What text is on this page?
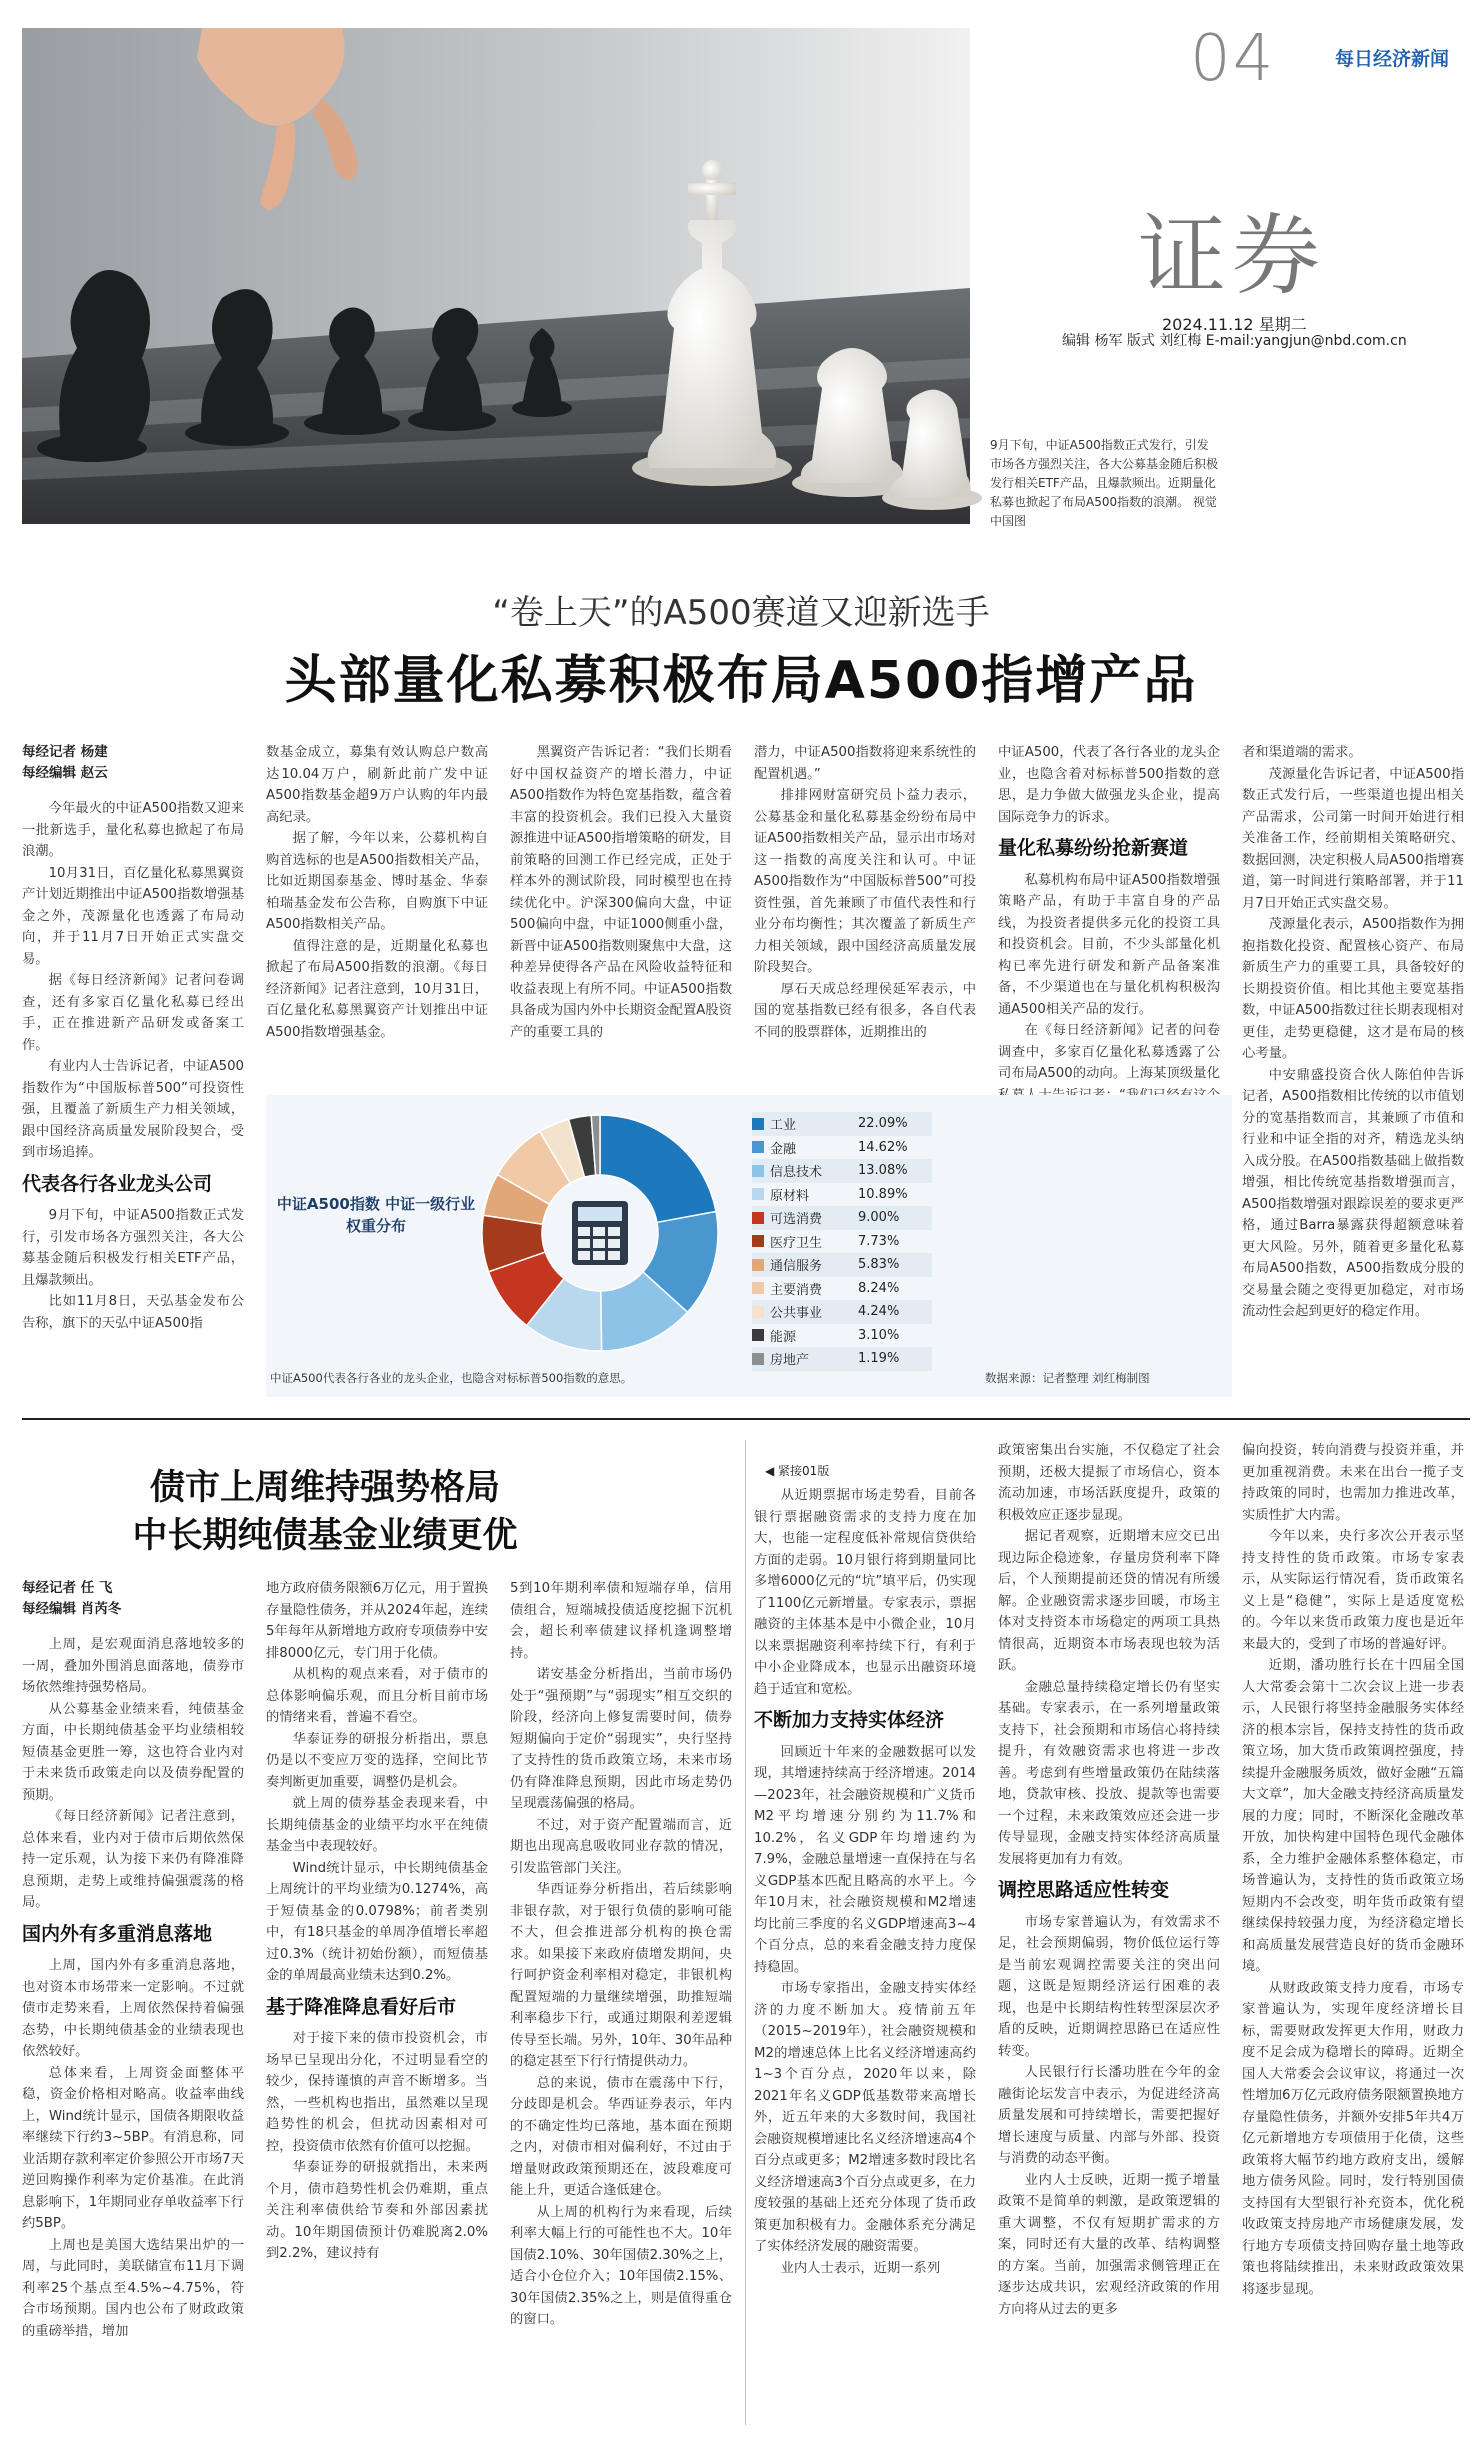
04	每日经济新闻
证券
2024.11.12 星期二
编辑 杨军 版式 刘红梅 E-mail:yangjun@nbd.com.cn
9月下旬，中证A500指数正式发行，引发市场各方强烈关注，各大公募基金随后积极发行相关ETF产品，且爆款频出。近期量化私募也掀起了布局A500指数的浪潮。 视觉中国图
“卷上天”的A500赛道又迎新选手
头部量化私募积极布局A500指增产品
每经记者 杨建
每经编辑 赵云

今年最火的中证A500指数又迎来一批新选手，量化私募也掀起了布局浪潮。

10月31日，百亿量化私募黑翼资产计划近期推出中证A500指数增强基金之外，茂源量化也透露了布局动向，并于11月7日开始正式实盘交易。

据《每日经济新闻》记者问卷调查，还有多家百亿量化私募已经出手，正在推进新产品研发或备案工作。

有业内人士告诉记者，中证A500指数作为“中国版标普500”可投资性强，且覆盖了新质生产力相关领域，跟中国经济高质量发展阶段契合，受到市场追捧。

代表各行各业龙头公司

9月下旬，中证A500指数正式发行，引发市场各方强烈关注，各大公募基金随后积极发行相关ETF产品，且爆款频出。

比如11月8日，天弘基金发布公告称，旗下的天弘中证A500指

数基金成立，募集有效认购总户数高达10.04万户，刷新此前广发中证A500指数基金超9万户认购的年内最高纪录。

据了解，今年以来，公募机构自购首选标的也是A500指数相关产品，比如近期国泰基金、博时基金、华泰柏瑞基金发布公告称，自购旗下中证A500指数相关产品。

值得注意的是，近期量化私募也掀起了布局A500指数的浪潮。《每日经济新闻》记者注意到，10月31日，百亿量化私募黑翼资产计划推出中证A500指数增强基金。

黑翼资产告诉记者：“我们长期看好中国权益资产的增长潜力，中证A500指数作为特色宽基指数，蕴含着丰富的投资机会。我们已投入大量资源推进中证A500指增策略的研发，目前策略的回测工作已经完成，正处于样本外的测试阶段，同时模型也在持续优化中。沪深300偏向大盘，中证500偏向中盘，中证1000侧重小盘，新晋中证A500指数则聚焦中大盘，这种差异使得各产品在风险收益特征和收益表现上有所不同。中证A500指数具备成为国内外中长期资金配置A股资产的重要工具的

潜力，中证A500指数将迎来系统性的配置机遇。”

排排网财富研究员卜益力表示，公募基金和量化私募基金纷纷布局中证A500指数相关产品，显示出市场对这一指数的高度关注和认可。中证A500指数作为“中国版标普500”可投资性强，首先兼顾了市值代表性和行业分布均衡性；其次覆盖了新质生产力相关领域，跟中国经济高质量发展阶段契合。

厚石天成总经理侯延军表示，中国的宽基指数已经有很多，各自代表不同的股票群体，近期推出的

中证A500，代表了各行各业的龙头企业，也隐含着对标标普500指数的意思，是力争做大做强龙头企业，提高国际竞争力的诉求。

量化私募纷纷抢新赛道

私募机构布局中证A500指数增强策略产品，有助于丰富自身的产品线，为投资者提供多元化的投资工具和投资机会。目前，不少头部量化机构已率先进行研发和新产品备案准备，不少渠道也在与量化机构积极沟通A500相关产品的发行。

在《每日经济新闻》记者的问卷调查中，多家百亿量化私募透露了公司布局A500的动向。上海某顶级量化

者和渠道端的需求。

茂源量化告诉记者，中证A500指数正式发行后，一些渠道也提出相关产品需求，公司第一时间开始进行相关准备工作，经前期相关策略研究、数据回测，决定积极人局A500指增赛道，第一时间进行策略部署，并于11月7日开始正式实盘交易。

茂源量化表示，A500指数作为拥抱指数化投资、配置核心资产、布局新质生产力的重要工具，具备较好的长期投资价值。相比其他主要宽基指数，中证A500指数过往长期表现相对更佳，走势更稳健，这才是布局的核心考量。

中安鼎盛投资合伙人陈伯仲告诉记者，A500指数相比传统的以市值划分的宽基指数而言，其兼顾了市值和行业和中证全指的对齐，精选龙头纳入成分股。在A500指数基础上做指数增强，相比传统宽基指数增强而言，A500指数增强对跟踪误差的要求更严格，通过Barra暴露获得超额意味着更大风险。另外，随着更多量化私募布局A500指数，A500指数成分股的交易量会随之变得更加稳定，对市场流动性会起到更好的稳定作用。

中证A500指数 中证一级行业权重分布
工业	22.09%
金融	14.62%
信息技术	13.08%
原材料	10.89%
可选消费	9.00%
医疗卫生	7.73%
通信服务	5.83%
主要消费	8.24%
公共事业	4.24%
能源	3.10%
房地产	1.19%
中证A500代表各行各业的龙头企业，也隐含对标标普500指数的意思。	数据来源：记者整理 刘红梅制图
债市上周维持强势格局
中长期纯债基金业绩更优
每经记者 任 飞
每经编辑 肖芮冬

上周，是宏观面消息落地较多的一周，叠加外围消息面落地，债券市场依然维持强势格局。

从公募基金业绩来看，纯债基金方面，中长期纯债基金平均业绩相较短债基金更胜一筹，这也符合业内对于未来货币政策走向以及债券配置的预期。

《每日经济新闻》记者注意到，总体来看，业内对于债市后期依然保持一定乐观，认为接下来仍有降准降息预期，走势上或维持偏强震荡的格局。

国内外有多重消息落地

上周，国内外有多重消息落地，也对资本市场带来一定影响。不过就债市走势来看，上周依然保持着偏强态势，中长期纯债基金的业绩表现也依然较好。

总体来看，上周资金面整体平稳，资金价格相对略高。收益率曲线上，Wind统计显示，国债各期限收益率继续下行约3~5BP。有消息称，同业活期存款利率定价参照公开市场7天逆回购操作利率为定价基准。在此消息影响下，1年期同业存单收益率下行约5BP。

上周也是美国大选结果出炉的一周，与此同时，美联储宣布11月下调利率25个基点至4.5%~4.75%，符合市场预期。国内也公布了财政政策的重磅举措，增加

地方政府债务限额6万亿元，用于置换存量隐性债务，并从2024年起，连续5年每年从新增地方政府专项债券中安排8000亿元，专门用于化债。

从机构的观点来看，对于债市的总体影响偏乐观，而且分析目前市场的情绪来看，普遍不看空。

华泰证券的研报分析指出，票息仍是以不变应万变的选择，空间比节奏判断更加重要，调整仍是机会。

就上周的债券基金表现来看，中长期纯债基金的业绩平均水平在纯债基金当中表现较好。

Wind统计显示，中长期纯债基金上周统计的平均业绩为0.1274%，高于短债基金的0.0798%；前者类别中，有18只基金的单周净值增长率超过0.3%（统计初始份额），而短债基金的单周最高业绩未达到0.2%。

基于降准降息看好后市

对于接下来的债市投资机会，市场早已呈现出分化，不过明显看空的较少，保持谨慎的声音不断增多。当然，一些机构也指出，虽然难以呈现趋势性的机会，但扰动因素相对可控，投资债市依然有价值可以挖掘。

华泰证券的研报就指出，未来两个月，债市趋势性机会仍难期，重点关注利率债供给节奏和外部因素扰动。10年期国债预计仍难脱离2.0%到2.2%，建议持有

5到10年期利率债和短端存单，信用债组合，短端城投债适度挖掘下沉机会，超长利率债建议择机逢调整增持。

诺安基金分析指出，当前市场仍处于“强预期”与“弱现实”相互交织的阶段，经济向上修复需要时间，债券短期偏向于定价“弱现实”，央行坚持了支持性的货币政策立场，未来市场仍有降准降息预期，因此市场走势仍呈现震荡偏强的格局。

不过，对于资产配置端而言，近期也出现高息吸收同业存款的情况，引发监管部门关注。

华西证券分析指出，若后续影响非银存款，对于银行负债的影响可能不大，但会推进部分机构的换仓需求。如果接下来政府债增发期间，央行呵护资金利率相对稳定，非银机构配置短端的力量继续增强，助推短端利率稳步下行，或通过期限利差逻辑传导至长端。另外，10年、30年品种的稳定甚至下行行情提供动力。

总的来说，债市在震荡中下行，分歧即是机会。华西证券表示，年内的不确定性均已落地，基本面在预期之内，对债市相对偏利好，不过由于增量财政政策预期还在，波段难度可能上升，更适合逢低建仓。

从上周的机构行为来看现，后续利率大幅上行的可能性也不大。10年国债2.10%、30年国债2.30%之上，适合小仓位介入；10年国债2.15%、30年国债2.35%之上，则是值得重仓的窗口。

◀ 紧接01版

从近期票据市场走势看，目前各银行票据融资需求的支持力度在加大，也能一定程度低补常规信贷供给方面的走弱。10月银行将到期量同比多增6000亿元的“坑”填平后，仍实现了1100亿元新增量。专家表示，票据融资的主体基本是中小微企业，10月以来票据融资利率持续下行，有利于中小企业降成本，也显示出融资环境趋于适宜和宽松。

不断加力支持实体经济

回顾近十年来的金融数据可以发现，其增速持续高于经济增速。2014—2023年，社会融资规模和广义货币M2平均增速分别约为11.7%和10.2%，名义GDP年均增速约为7.9%，金融总量增速一直保持在与名义GDP基本匹配且略高的水平上。今年10月末，社会融资规模和M2增速均比前三季度的名义GDP增速高3~4个百分点，总的来看金融支持力度保持稳固。

市场专家指出，金融支持实体经济的力度不断加大。疫情前五年（2015~2019年），社会融资规模和M2的增速总体上比名义经济增速高约1~3个百分点，2020年以来，除2021年名义GDP低基数带来高增长外，近五年来的大多数时间，我国社会融资规模增速比名义经济增速高4个百分点或更多；M2增速多数时段比名义经济增速高3个百分点或更多，在力度较强的基础上还充分体现了货币政策更加积极有力。金融体系充分满足了实体经济发展的融资需要。

业内人士表示，近期一系列

政策密集出台实施，不仅稳定了社会预期，还极大提振了市场信心，资本流动加速，市场活跃度提升，政策的积极效应正逐步显现。

据记者观察，近期增末应交已出现边际企稳迹象，存量房贷利率下降后，个人预期提前还贷的情况有所缓解。企业融资需求逐步回暖，市场主体对支持资本市场稳定的两项工具热情很高，近期资本市场表现也较为活跃。

金融总量持续稳定增长仍有坚实基础。专家表示，在一系列增量政策支持下，社会预期和市场信心将持续提升，有效融资需求也将进一步改善。考虑到有些增量政策仍在陆续落地，贷款审核、投放、提款等也需要一个过程，未来政策效应还会进一步传导显现，金融支持实体经济高质量发展将更加有力有效。

调控思路适应性转变

市场专家普遍认为，有效需求不足，社会预期偏弱，物价低位运行等是当前宏观调控需要关注的突出问题，这既是短期经济运行困难的表现，也是中长期结构性转型深层次矛盾的反映，近期调控思路已在适应性转变。

人民银行行长潘功胜在今年的金融街论坛发言中表示，为促进经济高质量发展和可持续增长，需要把握好增长速度与质量、内部与外部、投资与消费的动态平衡。

业内人士反映，近期一揽子增量政策不是简单的刺激，是政策逻辑的重大调整，不仅有短期扩需求的方案，同时还有大量的改革、结构调整的方案。当前，加强需求侧管理正在逐步达成共识，宏观经济政策的作用方向将从过去的更多

偏向投资，转向消费与投资并重，并更加重视消费。未来在出台一揽子支持政策的同时，也需加力推进改革，实质性扩大内需。

今年以来，央行多次公开表示坚持支持性的货币政策。市场专家表示，从实际运行情况看，货币政策名义上是“稳健”，实际上是适度宽松的。今年以来货币政策力度也是近年来最大的，受到了市场的普遍好评。

近期，潘功胜行长在十四届全国人大常委会第十二次会议上进一步表示，人民银行将坚持金融服务实体经济的根本宗旨，保持支持性的货币政策立场，加大货币政策调控强度，持续提升金融服务质效，做好金融“五篇大文章”，加大金融支持经济高质量发展的力度；同时，不断深化金融改革开放，加快构建中国特色现代金融体系，全力维护金融体系整体稳定，市场普遍认为，支持性的货币政策立场短期内不会改变，明年货币政策有望继续保持较强力度，为经济稳定增长和高质量发展营造良好的货币金融环境。

从财政政策支持力度看，市场专家普遍认为，实现年度经济增长目标，需要财政发挥更大作用，财政力度不足会成为稳增长的障碍。近期全国人大常委会会议审议，将通过一次性增加6万亿元政府债务限额置换地方存量隐性债务，并额外安排5年共4万亿元新增地方专项债用于化债，这些政策将大幅节约地方政府支出，缓解地方债务风险。同时，发行特别国债支持国有大型银行补充资本，优化税收政策支持房地产市场健康发展，发行地方专项债支持回购存量土地等政策也将陆续推出，未来财政政策效果将逐步显现。
